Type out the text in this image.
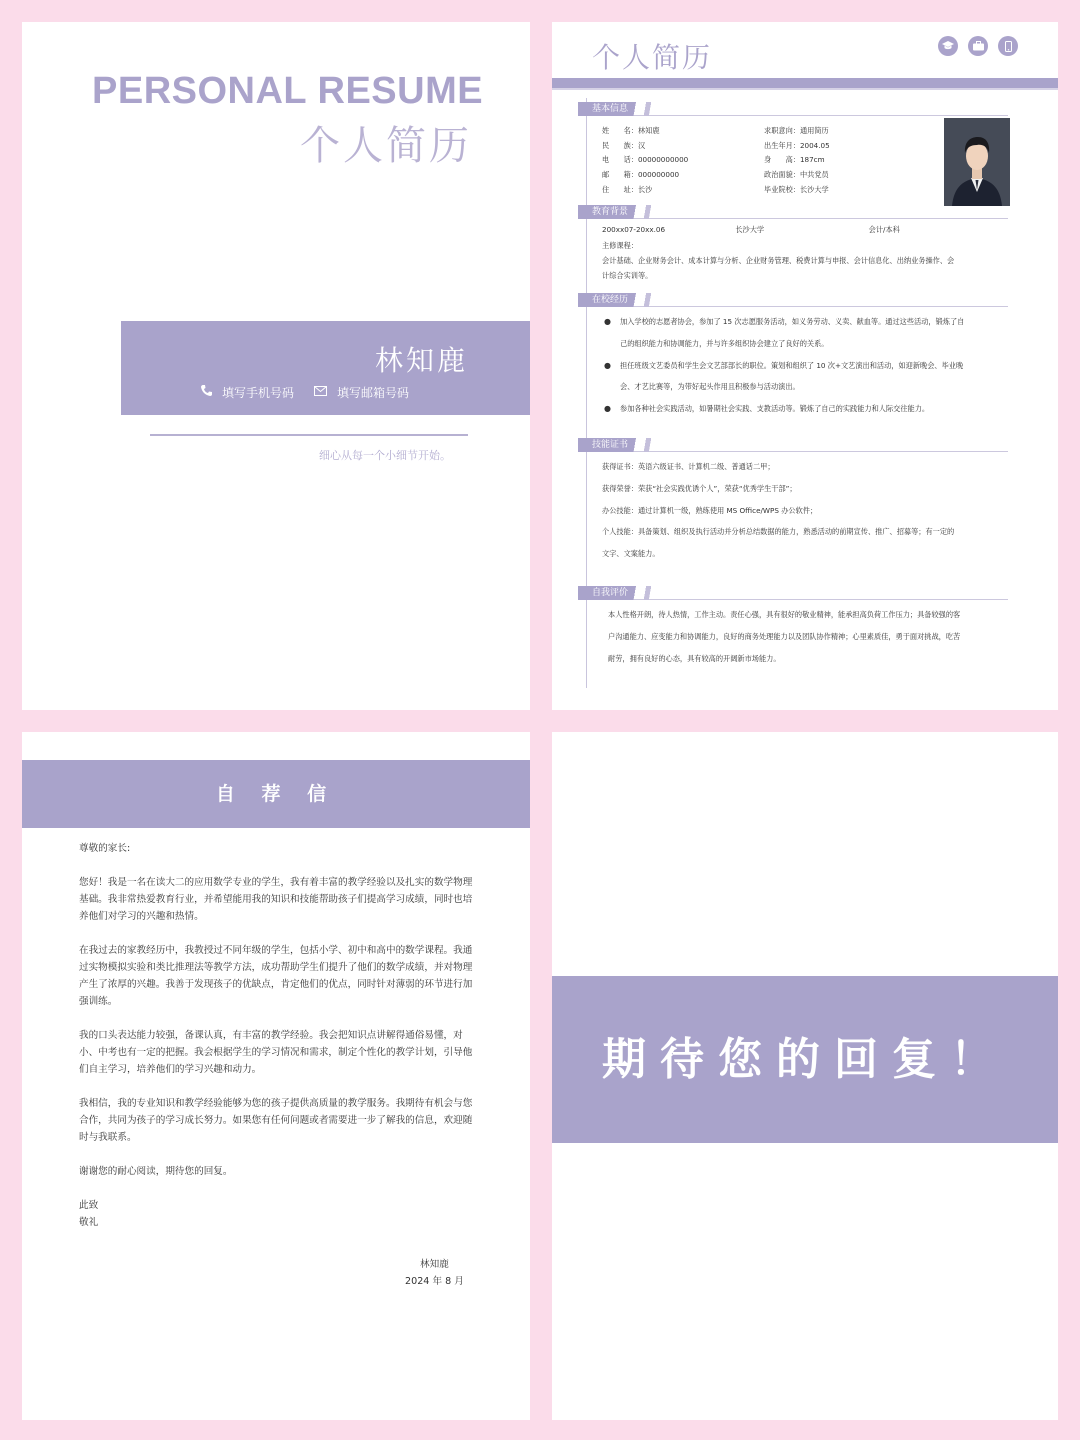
PERSONAL RESUME
个人简历
林知鹿
填写手机号码	填写邮箱号码
细心从每一个小细节开始。
个人简历
基本信息
姓　　名：林知鹿	求职意向：通用简历
民　　族：汉	出生年月：2004.05
电　　话：00000000000	身　　高：187cm
邮　　箱：000000000	政治面貌：中共党员
住　　址：长沙	毕业院校：长沙大学
教育背景
200xx07-20xx.06	长沙大学	会计/本科
主修课程：
会计基础、企业财务会计、成本计算与分析、企业财务管理、税费计算与申报、会计信息化、出纳业务操作、会
计综合实训等。
在校经历
●	加入学校的志愿者协会，参加了 15 次志愿服务活动，如义务劳动、义卖、献血等。通过这些活动，锻炼了自
己的组织能力和协调能力，并与许多组织协会建立了良好的关系。
●	担任班级文艺委员和学生会文艺部部长的职位。策划和组织了 10 次+文艺演出和活动，如迎新晚会、毕业晚
会、才艺比赛等，为带好起头作用且积极参与活动演出。
●	参加各种社会实践活动，如暑期社会实践、支教活动等。锻炼了自己的实践能力和人际交往能力。
技能证书
获得证书：英语六级证书、计算机二级、普通话二甲；
获得荣誉：荣获“社会实践优诱个人”，荣获“优秀学生干部”；
办公技能：通过计算机一级，熟练使用 MS Office/WPS 办公软件；
个人技能：具备策划、组织及执行活动并分析总结数据的能力，熟悉活动的前期宣传、推广、招募等；有一定的
文字、文案能力。
自我评价
本人性格开朗，待人热情，工作主动。责任心强，具有很好的敬业精神，能承担高负荷工作压力；具备较强的客
户沟通能力、应变能力和协调能力，良好的商务处理能力以及团队协作精神；心里素质佳，勇于面对挑战，吃苦
耐劳，拥有良好的心态，具有较高的开阔新市场能力。
自 荐 信

尊敬的家长:

您好！我是一名在读大二的应用数学专业的学生，我有着丰富的教学经验以及扎实的数学物理基础。我非常热爱教育行业，并希望能用我的知识和技能帮助孩子们提高学习成绩，同时也培养他们对学习的兴趣和热情。

在我过去的家教经历中，我教授过不同年级的学生，包括小学、初中和高中的数学课程。我通过实物模拟实验和类比推理法等教学方法，成功帮助学生们提升了他们的数学成绩，并对物理产生了浓厚的兴趣。我善于发现孩子的优缺点，肯定他们的优点，同时针对薄弱的环节进行加强训练。

我的口头表达能力较强，备课认真，有丰富的教学经验。我会把知识点讲解得通俗易懂，对小、中考也有一定的把握。我会根据学生的学习情况和需求，制定个性化的教学计划，引导他们自主学习，培养他们的学习兴趣和动力。

我相信，我的专业知识和教学经验能够为您的孩子提供高质量的教学服务。我期待有机会与您合作，共同为孩子的学习成长努力。如果您有任何问题或者需要进一步了解我的信息，欢迎随时与我联系。

谢谢您的耐心阅读，期待您的回复。

此致

敬礼

林知鹿
2024 年 8 月
期待您的回复！
